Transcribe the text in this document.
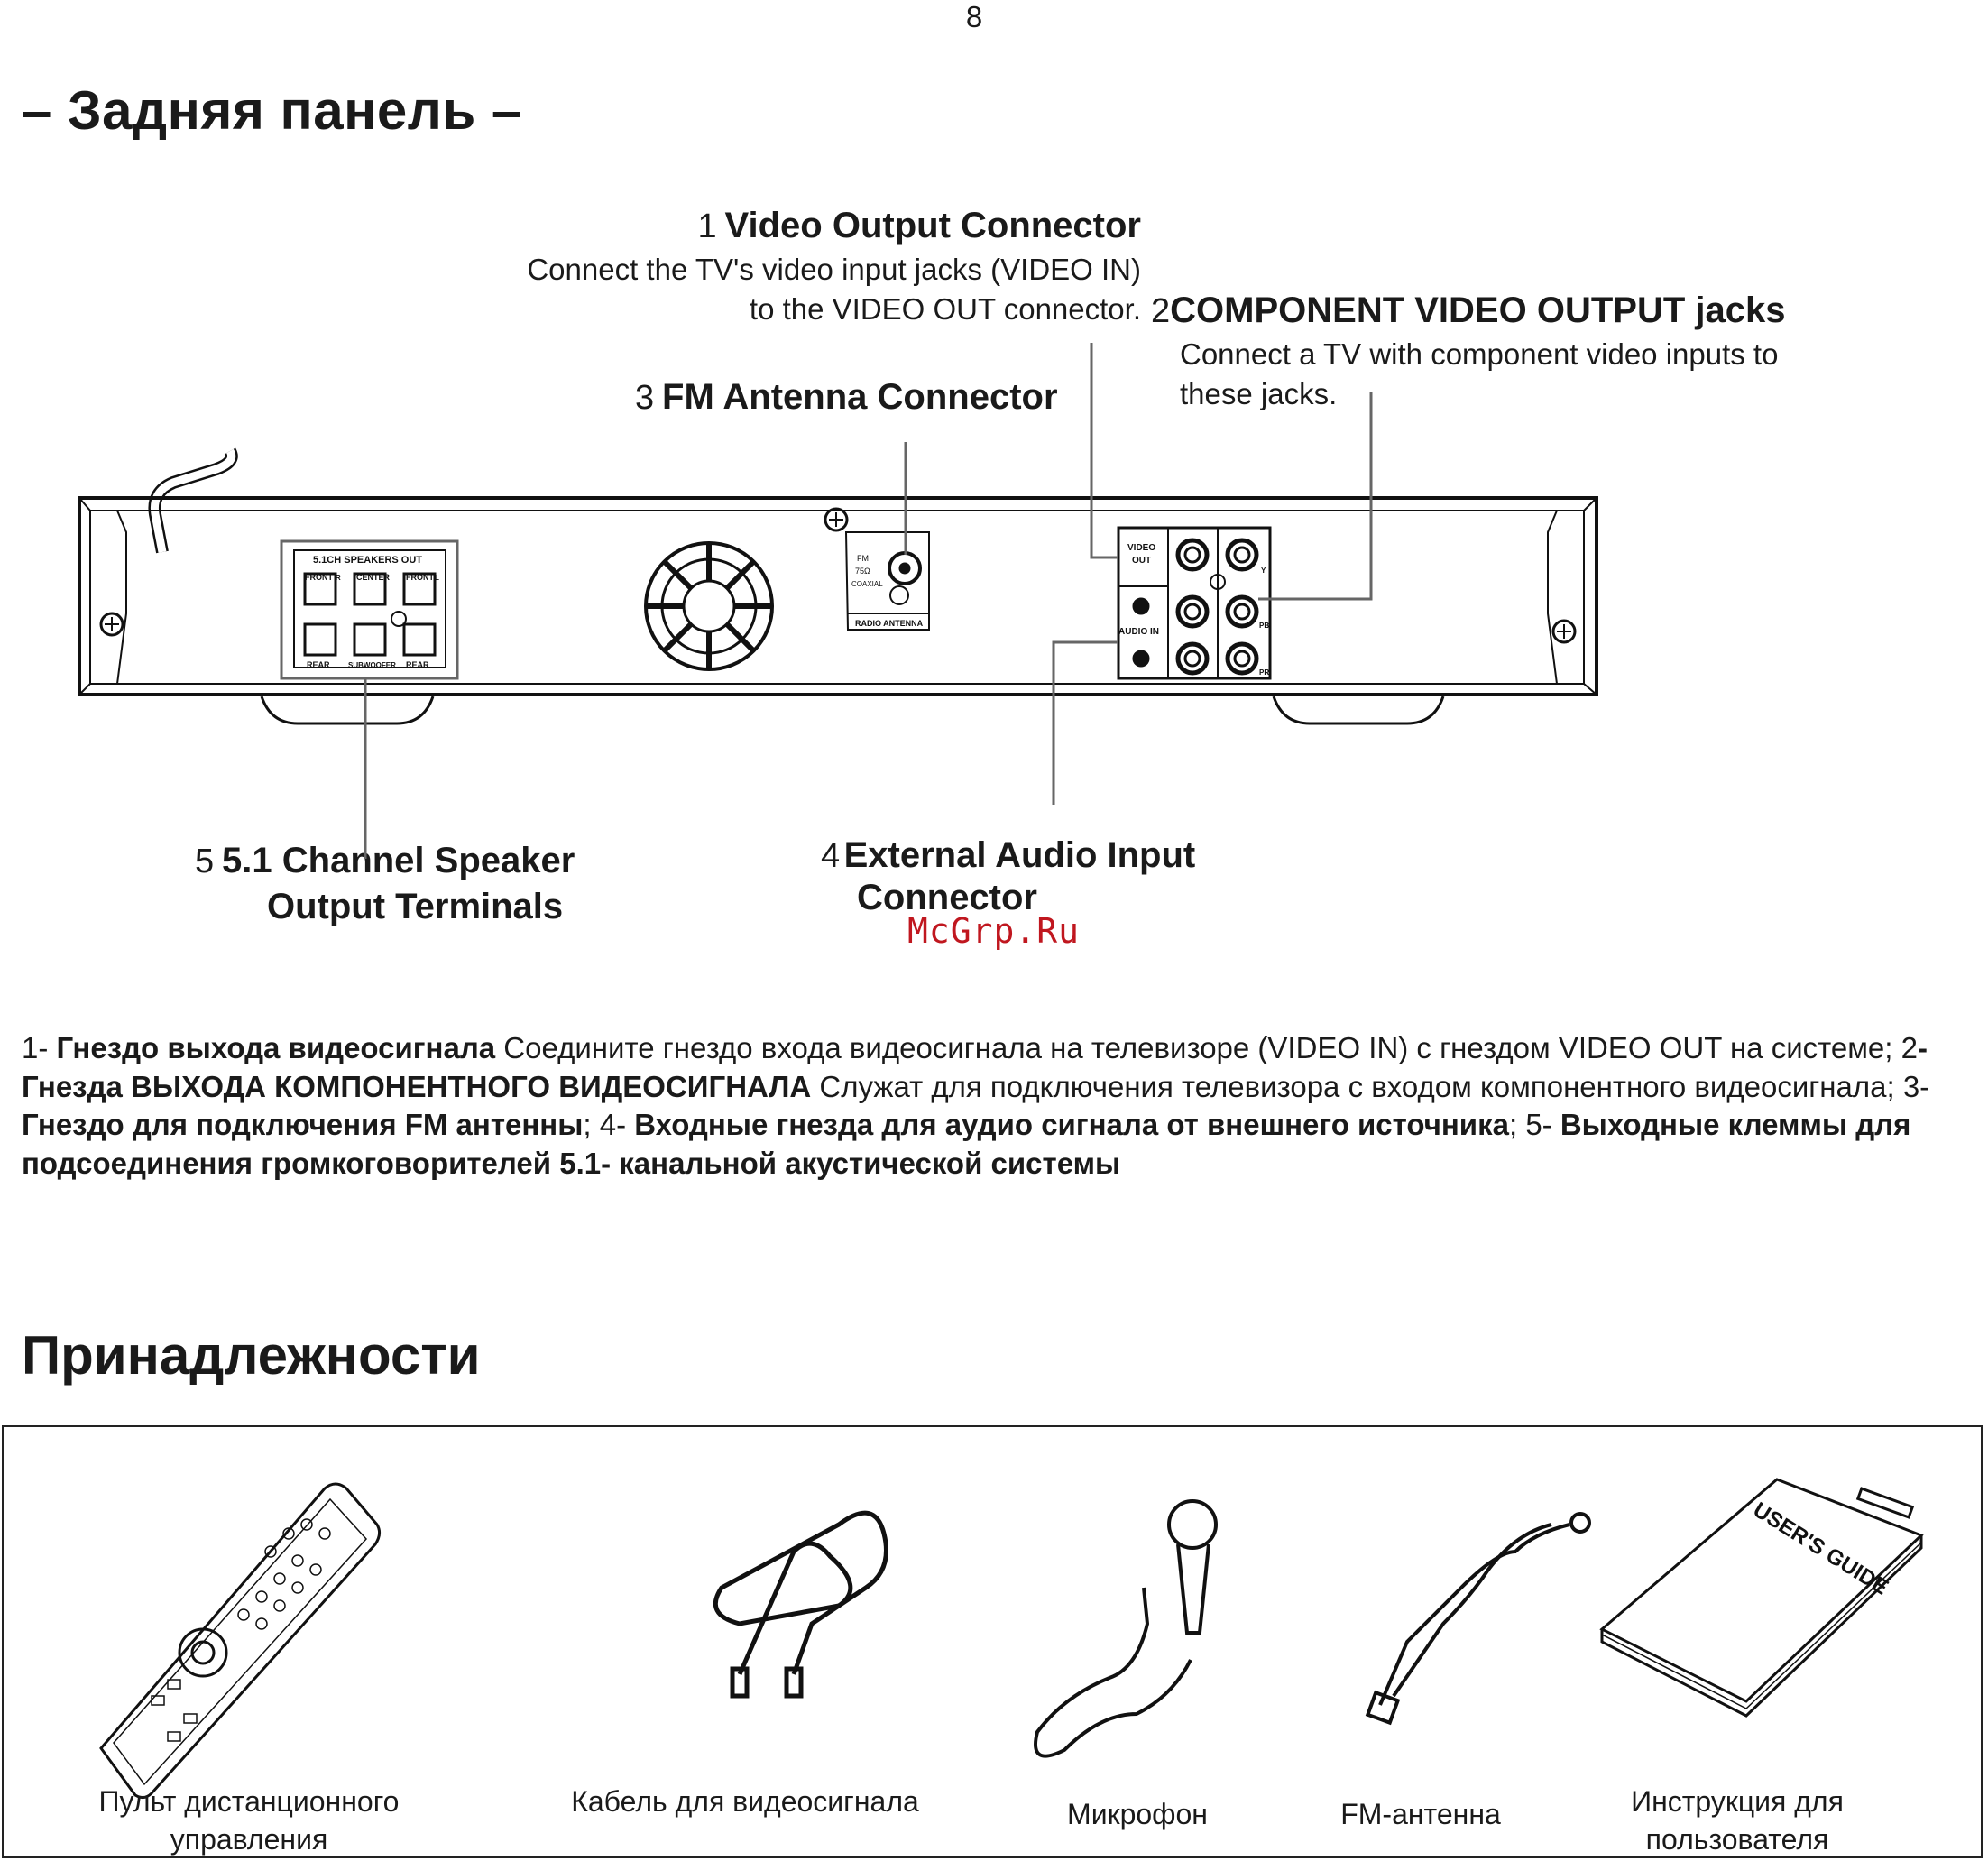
8
– Задняя панель –
1 Video Output Connector
Connect the TV's video input jacks (VIDEO IN)
to the VIDEO OUT connector. 2COMPONENT VIDEO OUTPUT jacks
Connect a TV with component video inputs to
these jacks.
3 FM Antenna Connector
4 External Audio Input
Connector
5 5.1 Channel Speaker
Output Terminals
McGrp.Ru
5.1CH SPEAKERS OUT
FRONT	CENTER FRONT
REAR	SUBWOOFER REAR
R	L
FM
75Ω
COAXIAL
RADIO ANTENNA
VIDEO
OUT
AUDIO IN
Y
PB
PR
1- Гнездо выхода видеосигнала Соедините гнездо входа видеосигнала на телевизоре (VIDEO IN) с гнездом VIDEO OUT на системе; 2- Гнезда ВЫХОДА КОМПОНЕНТНОГО ВИДЕОСИГНАЛА Служат для подключения телевизора с входом компонентного видеосигнала; 3- Гнездо для подключения FM антенны; 4- Входные гнезда для аудио сигнала от внешнего источника; 5- Выходные клеммы для подсоединения громкоговорителей 5.1- канальной акустической системы
Принадлежности
USER'S GUIDE
Пульт дистанционного
управления
Кабель для видеосигнала	Микрофон	FM-антенна	Инструкция для
пользователя
